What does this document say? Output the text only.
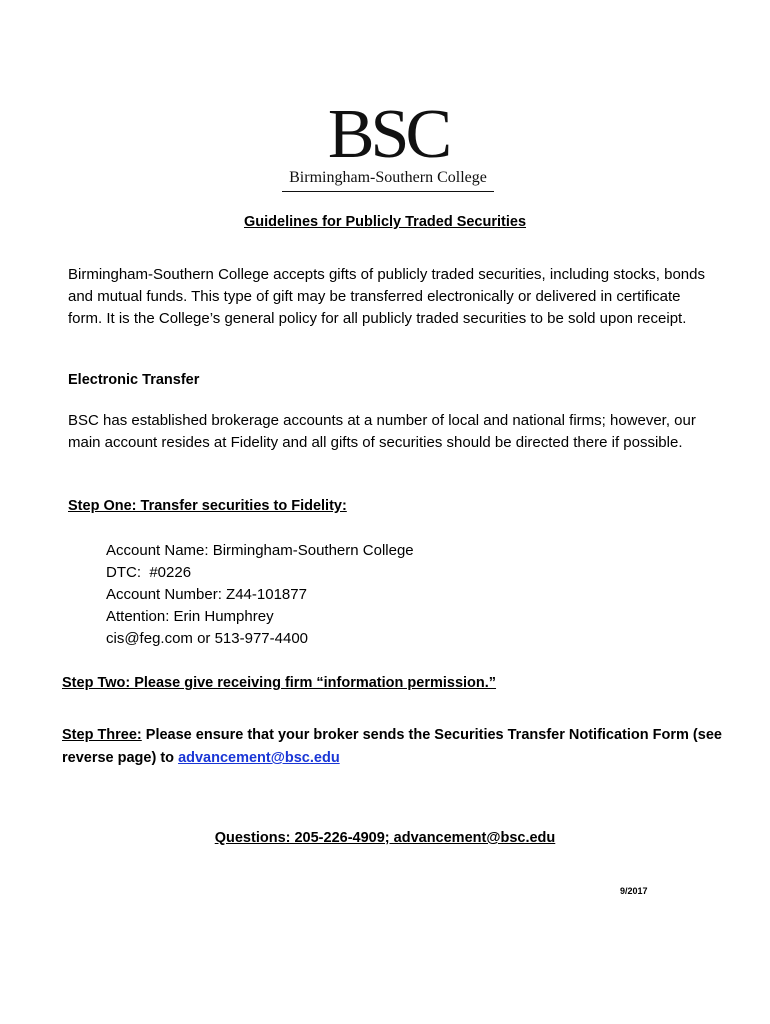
BSC
Birmingham-Southern College
Guidelines for Publicly Traded Securities
Birmingham-Southern College accepts gifts of publicly traded securities, including stocks, bonds and mutual funds. This type of gift may be transferred electronically or delivered in certificate form. It is the College’s general policy for all publicly traded securities to be sold upon receipt.
Electronic Transfer
BSC has established brokerage accounts at a number of local and national firms; however, our main account resides at Fidelity and all gifts of securities should be directed there if possible.
Step One: Transfer securities to Fidelity:
Account Name: Birmingham-Southern College
DTC:  #0226
Account Number: Z44-101877
Attention: Erin Humphrey
cis@feg.com or 513-977-4400
Step Two: Please give receiving firm “information permission.”
Step Three: Please ensure that your broker sends the Securities Transfer Notification Form (see reverse page) to advancement@bsc.edu
Questions: 205-226-4909; advancement@bsc.edu
9/2017
